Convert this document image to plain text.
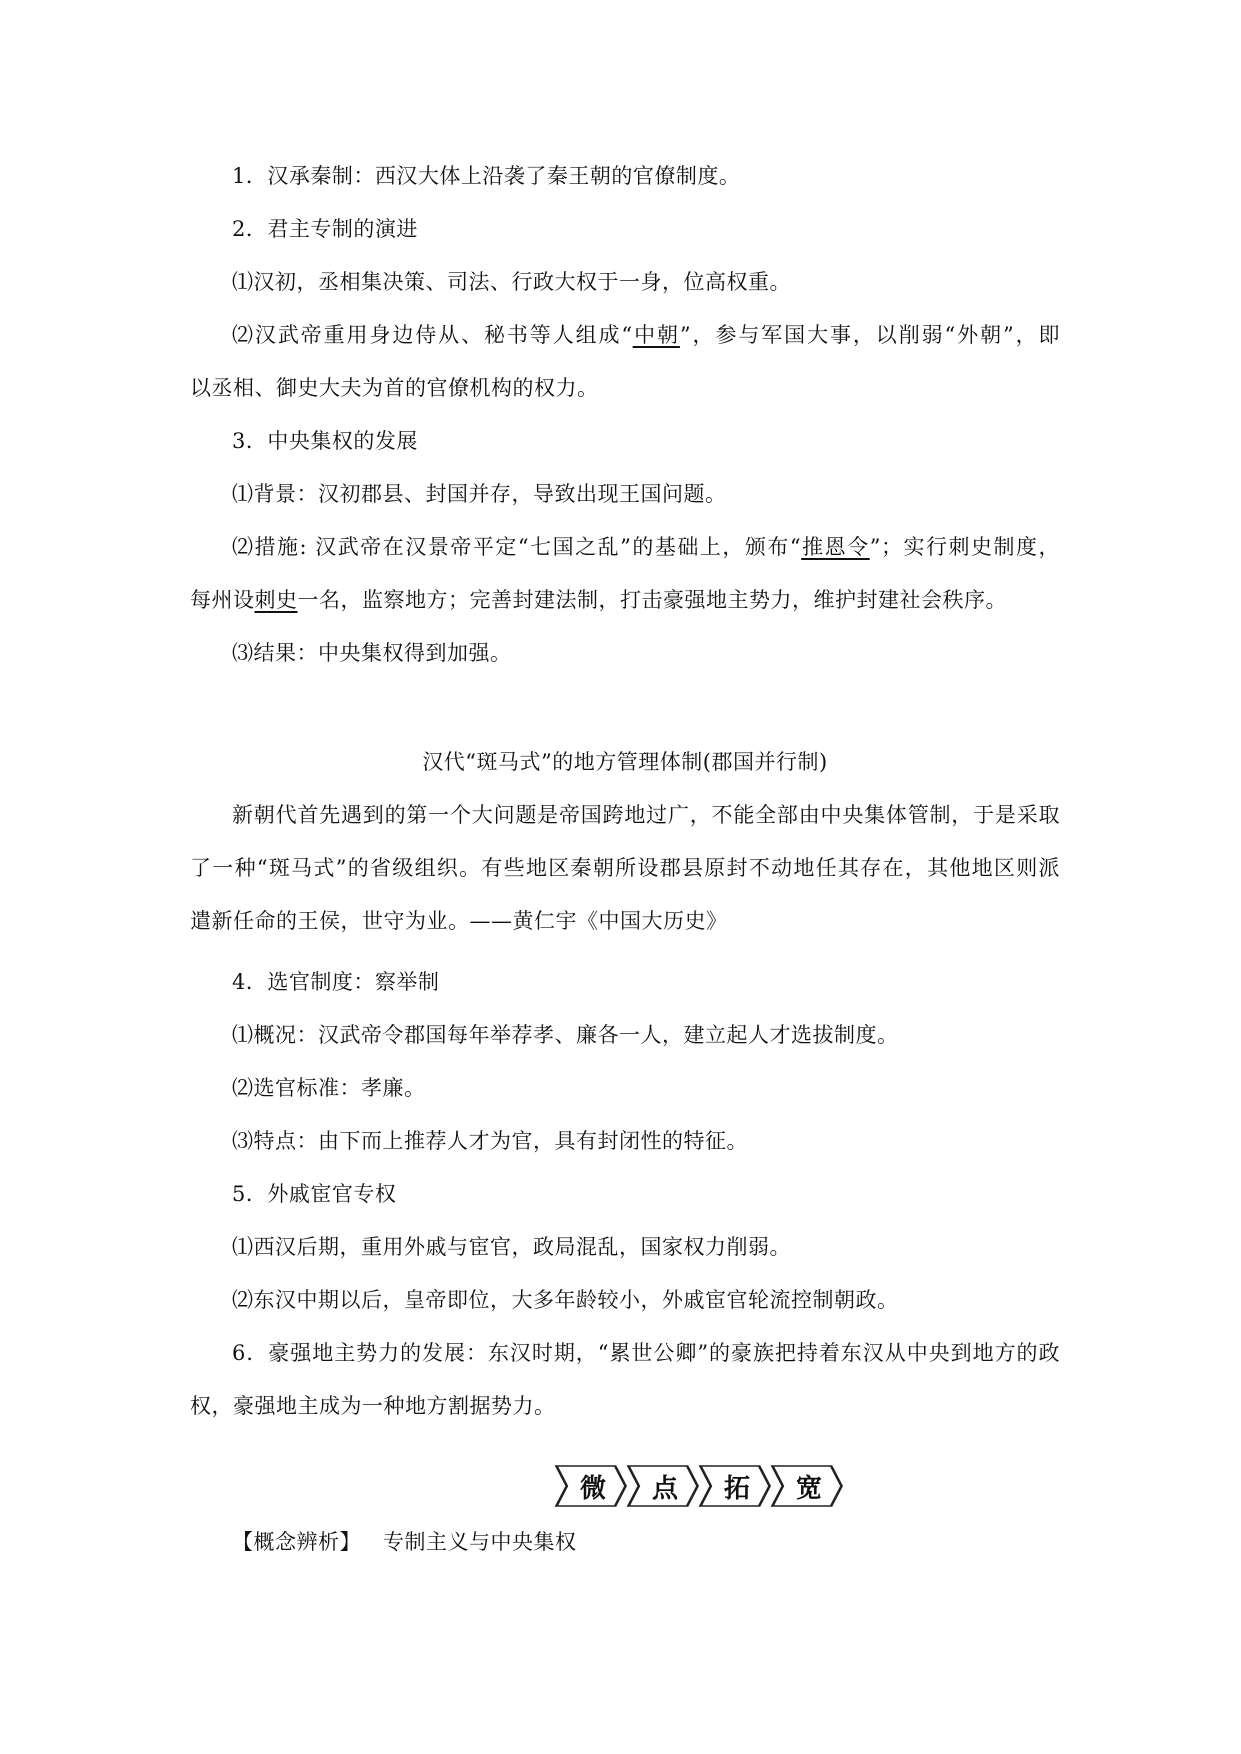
1．汉承秦制：西汉大体上沿袭了秦王朝的官僚制度。
2．君主专制的演进
⑴汉初，丞相集决策、司法、行政大权于一身，位高权重。
⑵汉武帝重用身边侍从、秘书等人组成“中朝”，参与军国大事，以削弱“外朝”，即
以丞相、御史大夫为首的官僚机构的权力。
3．中央集权的发展
⑴背景：汉初郡县、封国并存，导致出现王国问题。
⑵措施: 汉武帝在汉景帝平定“七国之乱”的基础上，颁布“推恩令”；实行刺史制度，
每州设刺史一名，监察地方；完善封建法制，打击豪强地主势力，维护封建社会秩序。
⑶结果：中央集权得到加强。
汉代“斑马式”的地方管理体制(郡国并行制)
新朝代首先遇到的第一个大问题是帝国跨地过广，不能全部由中央集体管制，于是采取
了一种“斑马式”的省级组织。有些地区秦朝所设郡县原封不动地任其存在，其他地区则派
遣新任命的王侯，世守为业。——黄仁宇《中国大历史》
4．选官制度：察举制
⑴概况：汉武帝令郡国每年举荐孝、廉各一人，建立起人才选拔制度。
⑵选官标准：孝廉。
⑶特点：由下而上推荐人才为官，具有封闭性的特征。
5．外戚宦官专权
⑴西汉后期，重用外戚与宦官，政局混乱，国家权力削弱。
⑵东汉中期以后，皇帝即位，大多年龄较小，外戚宦官轮流控制朝政。
6．豪强地主势力的发展：东汉时期，“累世公卿”的豪族把持着东汉从中央到地方的政
权，豪强地主成为一种地方割据势力。
微 点 拓 宽
【概念辨析】 专制主义与中央集权
